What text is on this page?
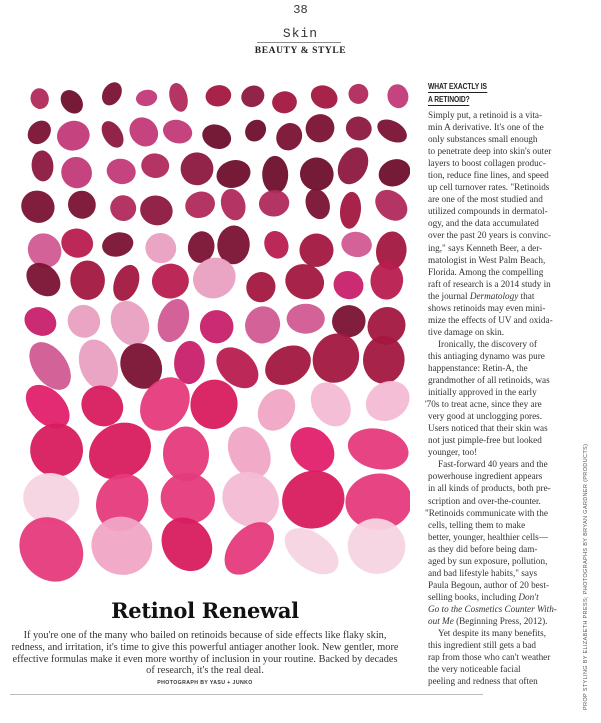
38
Skin
BEAUTY & STYLE
Retinol Renewal
If you're one of the many who bailed on retinoids because of side effects like flaky skin, redness, and irritation, it's time to give this powerful antiager another look. New gentler, more effective formulas make it even more worthy of inclusion in your routine. Backed by decades of research, it's the real deal.
PHOTOGRAPH BY YASU + JUNKO
WHAT EXACTLY IS
A RETINOID?
Simply put, a retinoid is a vita-
min A derivative. It's one of the
only substances small enough
to penetrate deep into skin's outer
layers to boost collagen produc-
tion, reduce fine lines, and speed
up cell turnover rates. "Retinoids
are one of the most studied and
utilized compounds in dermatol-
ogy, and the data accumulated
over the past 20 years is convinc-
ing," says Kenneth Beer, a der-
matologist in West Palm Beach,
Florida. Among the compelling
raft of research is a 2014 study in
the journal Dermatology that
shows retinoids may even mini-
mize the effects of UV and oxida-
tive damage on skin.
Ironically, the discovery of
this antiaging dynamo was pure
happenstance: Retin-A, the
grandmother of all retinoids, was
initially approved in the early
'70s to treat acne, since they are
very good at unclogging pores.
Users noticed that their skin was
not just pimple-free but looked
younger, too!
Fast-forward 40 years and the
powerhouse ingredient appears
in all kinds of products, both pre-
scription and over-the-counter.
"Retinoids communicate with the
cells, telling them to make
better, younger, healthier cells—
as they did before being dam-
aged by sun exposure, pollution,
and bad lifestyle habits," says
Paula Begoun, author of 20 best-
selling books, including Don't
Go to the Cosmetics Counter With-
out Me (Beginning Press, 2012).
Yet despite its many benefits,
this ingredient still gets a bad
rap from those who can't weather
the very noticeable facial
peeling and redness that often	PROP STYLING BY ELIZABETH PRESS; PHOTOGRAPHS BY BRYAN GARDNER (PRODUCTS)
